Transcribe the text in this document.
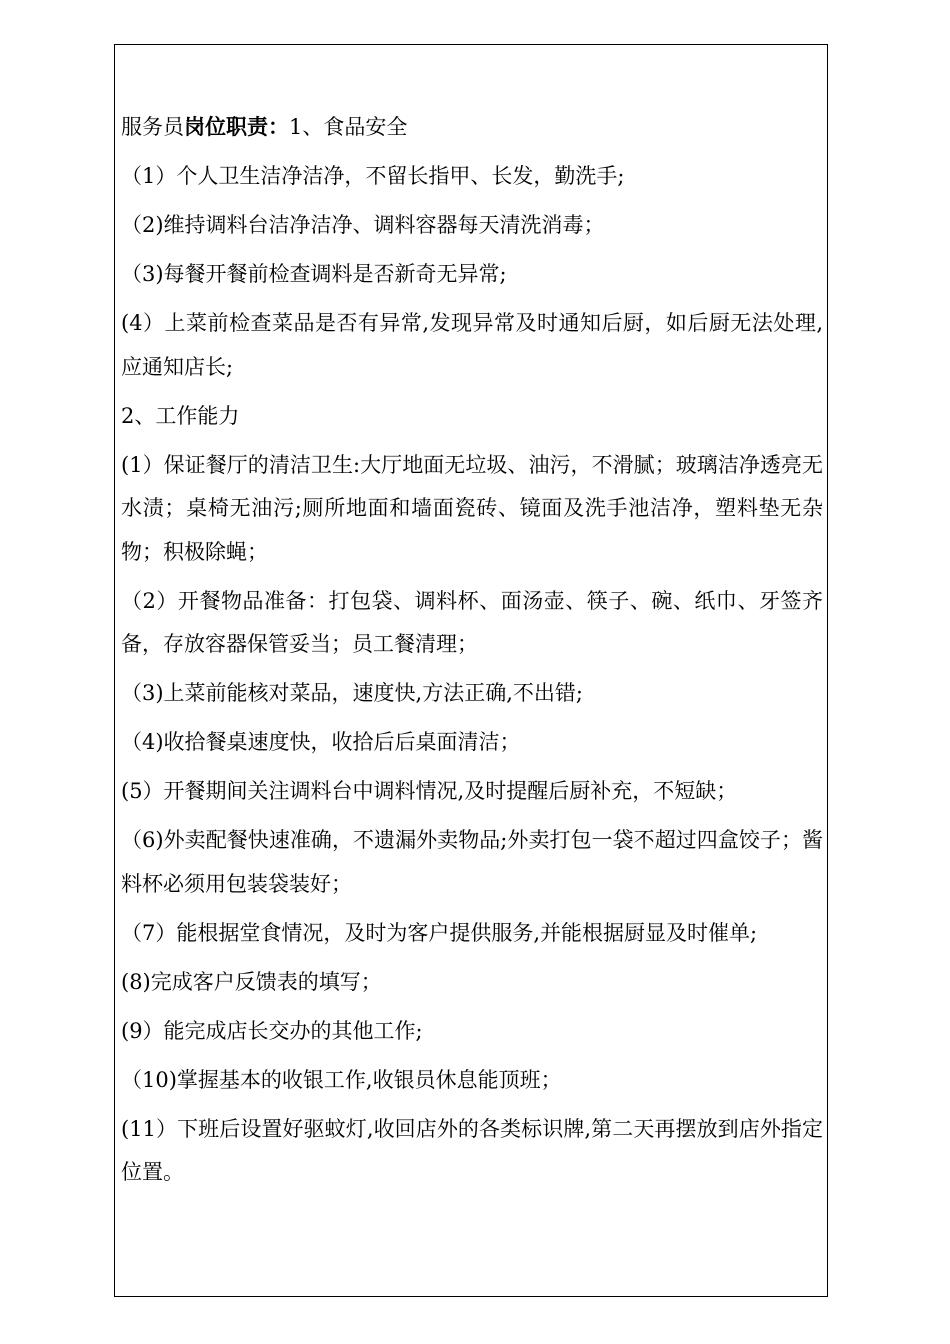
服务员岗位职责：1、食品安全

（1）个人卫生洁净洁净，不留长指甲、长发，勤洗手;

（2)维持调料台洁净洁净、调料容器每天清洗消毒；

（3)每餐开餐前检查调料是否新奇无异常;

(4）上菜前检查菜品是否有异常,发现异常及时通知后厨，如后厨无法处理,应通知店长;

2、工作能力

(1）保证餐厅的清洁卫生:大厅地面无垃圾、油污，不滑腻；玻璃洁净透亮无水渍；桌椅无油污;厕所地面和墙面瓷砖、镜面及洗手池洁净，塑料垫无杂物；积极除蝇；

（2）开餐物品准备：打包袋、调料杯、面汤壶、筷子、碗、纸巾、牙签齐备，存放容器保管妥当；员工餐清理；

（3)上菜前能核对菜品，速度快,方法正确,不出错;

（4)收拾餐桌速度快，收拾后后桌面清洁；

(5）开餐期间关注调料台中调料情况,及时提醒后厨补充，不短缺；

（6)外卖配餐快速准确，不遗漏外卖物品;外卖打包一袋不超过四盒饺子；酱料杯必须用包装袋装好；

（7）能根据堂食情况，及时为客户提供服务,并能根据厨显及时催单;

(8)完成客户反馈表的填写；

(9）能完成店长交办的其他工作;

（10)掌握基本的收银工作,收银员休息能顶班；

(11）下班后设置好驱蚊灯,收回店外的各类标识牌,第二天再摆放到店外指定位置。
